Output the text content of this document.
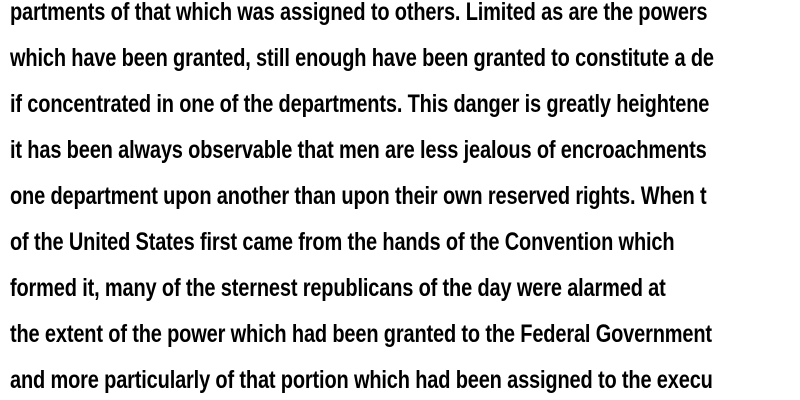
partments of that which was assigned to others. Limited as are the powers
which have been granted, still enough have been granted to constitute a de
if concentrated in one of the departments. This danger is greatly heightene
it has been always observable that men are less jealous of encroachments
one department upon another than upon their own reserved rights. When t
of the United States first came from the hands of the Convention which
formed it, many of the sternest republicans of the day were alarmed at
the extent of the power which had been granted to the Federal Government
and more particularly of that portion which had been assigned to the execu
